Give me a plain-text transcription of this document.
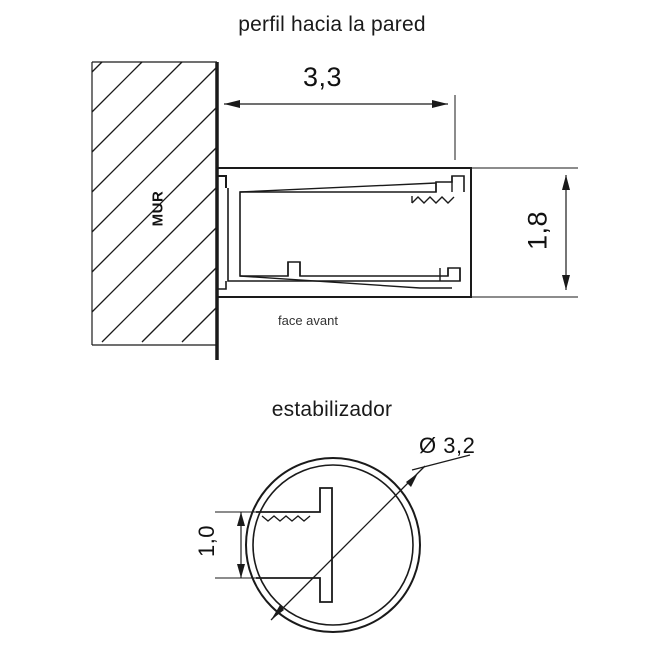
perfil hacia la pared
estabilizador
3,3
1,8
MUR
face avant
Ø 3,2
1,0
